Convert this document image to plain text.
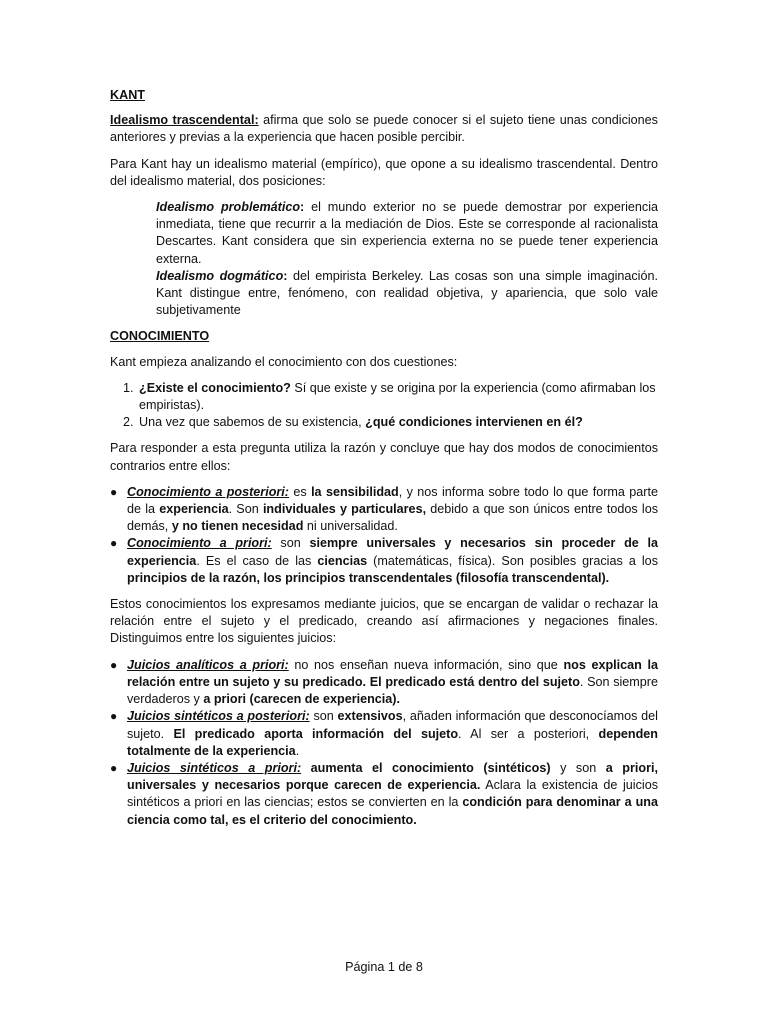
KANT

Idealismo trascendental: afirma que solo se puede conocer si el sujeto tiene unas condiciones anteriores y previas a la experiencia que hacen posible percibir.

Para Kant hay un idealismo material (empírico), que opone a su idealismo trascendental. Dentro del idealismo material, dos posiciones:

Idealismo problemático: el mundo exterior no se puede demostrar por experiencia inmediata, tiene que recurrir a la mediación de Dios. Este se corresponde al racionalista Descartes. Kant considera que sin experiencia externa no se puede tener experiencia externa.

Idealismo dogmático: del empirista Berkeley. Las cosas son una simple imaginación. Kant distingue entre, fenómeno, con realidad objetiva, y apariencia, que solo vale subjetivamente

CONOCIMIENTO

Kant empieza analizando el conocimiento con dos cuestiones:

1. ¿Existe el conocimiento? Sí que existe y se origina por la experiencia (como afirmaban los empiristas).
2. Una vez que sabemos de su existencia, ¿qué condiciones intervienen en él?

Para responder a esta pregunta utiliza la razón y concluye que hay dos modos de conocimientos contrarios entre ellos:

● Conocimiento a posteriori: es la sensibilidad, y nos informa sobre todo lo que forma parte de la experiencia. Son individuales y particulares, debido a que son únicos entre todos los demás, y no tienen necesidad ni universalidad.
● Conocimiento a priori: son siempre universales y necesarios sin proceder de la experiencia. Es el caso de las ciencias (matemáticas, física). Son posibles gracias a los principios de la razón, los principios transcendentales (filosofía transcendental).

Estos conocimientos los expresamos mediante juicios, que se encargan de validar o rechazar la relación entre el sujeto y el predicado, creando así afirmaciones y negaciones finales. Distinguimos entre los siguientes juicios:

● Juicios analíticos a priori: no nos enseñan nueva información, sino que nos explican la relación entre un sujeto y su predicado. El predicado está dentro del sujeto. Son siempre verdaderos y a priori (carecen de experiencia).
● Juicios sintéticos a posteriori: son extensivos, añaden información que desconocíamos del sujeto. El predicado aporta información del sujeto. Al ser a posteriori, dependen totalmente de la experiencia.
● Juicios sintéticos a priori: aumenta el conocimiento (sintéticos) y son a priori, universales y necesarios porque carecen de experiencia. Aclara la existencia de juicios sintéticos a priori en las ciencias; estos se convierten en la condición para denominar a una ciencia como tal, es el criterio del conocimiento.
Página 1 de 8
